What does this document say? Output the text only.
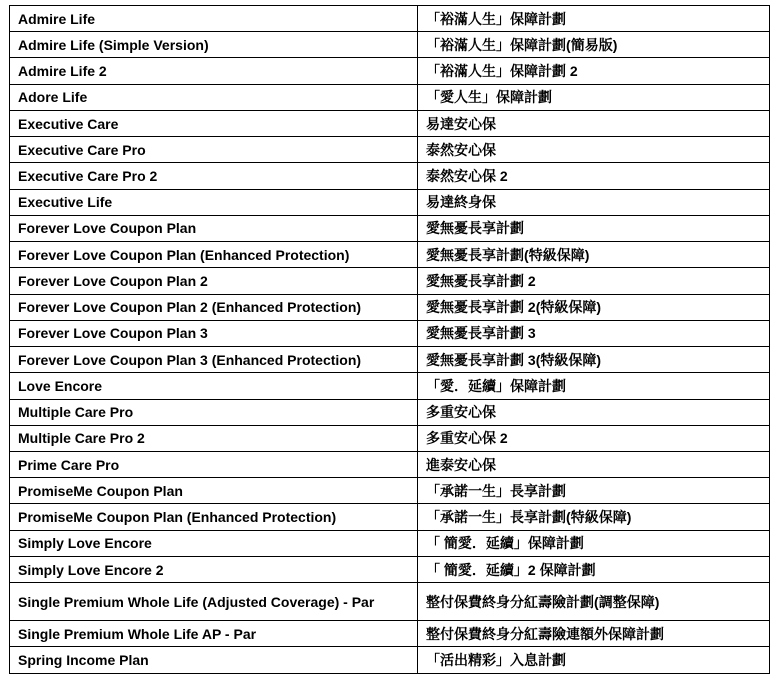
Admire Life	「裕滿人生」保障計劃
Admire Life (Simple Version)	「裕滿人生」保障計劃(簡易版)
Admire Life 2	「裕滿人生」保障計劃 2
Adore Life	「愛人生」保障計劃
Executive Care	易達安心保
Executive Care Pro	泰然安心保
Executive Care Pro 2	泰然安心保 2
Executive Life	易達終身保
Forever Love Coupon Plan	愛無憂長享計劃
Forever Love Coupon Plan (Enhanced Protection)	愛無憂長享計劃(特級保障)
Forever Love Coupon Plan 2	愛無憂長享計劃 2
Forever Love Coupon Plan 2 (Enhanced Protection)	愛無憂長享計劃 2(特級保障)
Forever Love Coupon Plan 3	愛無憂長享計劃 3
Forever Love Coupon Plan 3 (Enhanced Protection)	愛無憂長享計劃 3(特級保障)
Love Encore	「愛．延續」保障計劃
Multiple Care Pro	多重安心保
Multiple Care Pro 2	多重安心保 2
Prime Care Pro	進泰安心保
PromiseMe Coupon Plan	「承諾一生」長享計劃
PromiseMe Coupon Plan (Enhanced Protection)	「承諾一生」長享計劃(特級保障)
Simply Love Encore	「 簡愛．延續」保障計劃
Simply Love Encore 2	「 簡愛．延續」2 保障計劃
Single Premium Whole Life (Adjusted Coverage) - Par	整付保費終身分紅壽險計劃(調整保障)
Single Premium Whole Life AP - Par	整付保費終身分紅壽險連額外保障計劃
Spring Income Plan	「活出精彩」入息計劃
